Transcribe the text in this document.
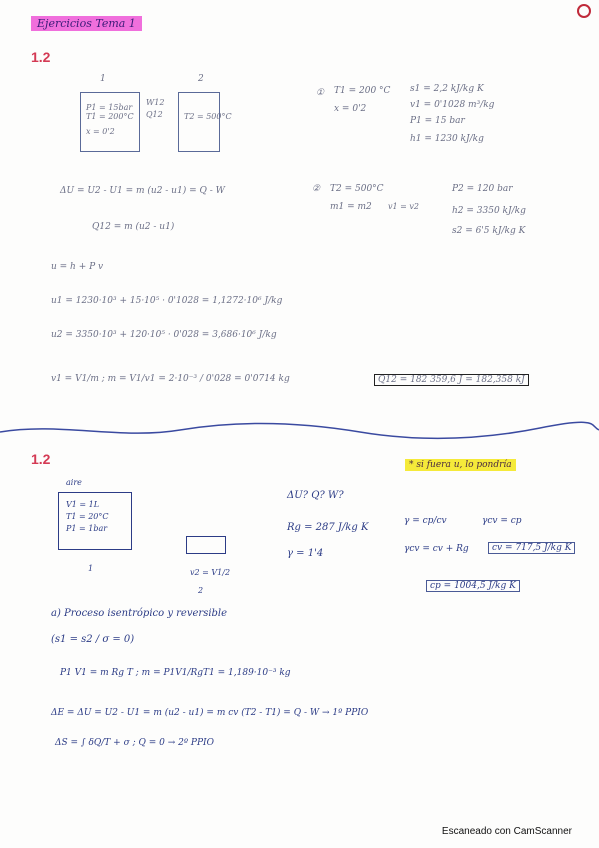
Ejercicios Tema 1
1.2
1	2
P1 = 15bar
T1 = 200°C
x = 0'2
W12
Q12	T2 = 500°C
① T1 = 200 °C
x = 0'2
s1 = 2,2 kJ/kg K
v1 = 0'1028 m³/kg
P1 = 15 bar
h1 = 1230 kJ/kg
② T2 = 500°C
m1 = m2 v1 = v2
P2 = 120 bar
h2 = 3350 kJ/kg
s2 = 6'5 kJ/kg K
ΔU = U2 - U1 = m (u2 - u1) = Q - W
Q12 = m (u2 - u1)
u = h + P v
u1 = 1230·10³ + 15·10⁵ · 0'1028 = 1,1272·10⁶ J/kg
u2 = 3350·10³ + 120·10⁵ · 0'028 = 3,686·10⁶ J/kg
v1 = V1/m ; m = V1/v1 = 2·10⁻³ / 0'028 = 0'0714 kg	Q12 = 182 359,6 J = 182,358 kJ
1.2	* si fuera u, lo pondría
aire
V1 = 1L
T1 = 20°C
P1 = 1bar
1	v2 = V1/2
2
ΔU? Q? W?
Rg = 287 J/kg K
γ = 1'4
γ = cp/cv	γcv = cp
γcv = cv + Rg	cv = 717,5 J/kg K
cp = 1004,5 J/kg K
a) Proceso isentrópico y reversible
(s1 = s2 / σ = 0)
P1 V1 = m Rg T ; m = P1V1/RgT1 = 1,189·10⁻³ kg
ΔE = ΔU = U2 - U1 = m (u2 - u1) = m cv (T2 - T1) = Q - W → 1º PPIO
ΔS = ∫ δQ/T + σ ; Q = 0 → 2º PPIO
Escaneado con CamScanner
